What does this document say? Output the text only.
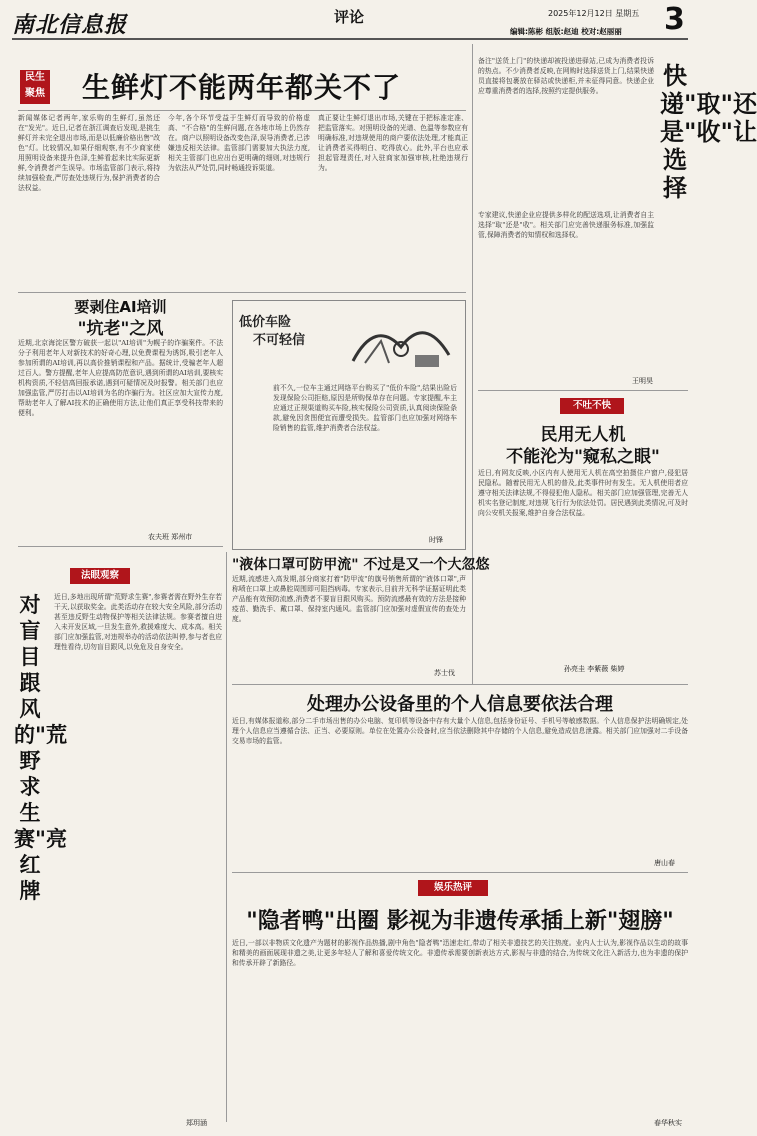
南北信息报	评论	2025年12月12日 星期五
编辑:陈彬 组版:赵迪 校对:赵丽丽 3
民生
聚焦 生鲜灯不能两年都关不了
新闻媒体记者两年,家乐购的生鲜灯,虽然还在"发光"。近日,记者在浙江调查后发现,是挑生鲜灯并未完全退出市场,而是以低廉价格出售"改色"灯。比较情况,如果仔细观察,有不少商家使用照明设备来提升色泽,生鲜看起来比实际更新鲜,令消费者产生误导。市场监管部门表示,将持续加强检查,严厉查处违规行为,保护消费者的合法权益。
今年,各个环节受益于生鲜灯而导致的价格虚高、"不合格"的生鲜问题,在各地市场上仍然存在。商户以照明设备改变色泽,误导消费者,已涉嫌违反相关法律。监管部门需要加大执法力度,相关主管部门也应出台更明确的细则,对违规行为依法从严处罚,同时畅通投诉渠道。
真正要让生鲜灯退出市场,关键在于把标准定准、把监管落实。对照明设备的光谱、色温等参数应有明确标准,对违规使用的商户要依法处理,才能真正让消费者买得明白、吃得放心。此外,平台也应承担起管理责任,对入驻商家加强审核,杜绝违规行为。
快递"取"还是"收"让选择
备注"送货上门"的快递却被投递进驿站,已成为消费者投诉的热点。不少消费者反映,在网购时选择送货上门,结果快递员直接将包裹放在驿站或快递柜,并未征得同意。快递企业应尊重消费者的选择,按照约定提供服务。
专家建议,快递企业应提供多样化的配送选项,让消费者自主选择"取"还是"收"。相关部门应完善快递服务标准,加强监管,保障消费者的知情权和选择权。
王明昊
不吐不快
民用无人机
不能沦为"窥私之眼"
近日,有网友反映,小区内有人使用无人机在高空拍摄住户窗户,侵犯居民隐私。随着民用无人机的普及,此类事件时有发生。无人机使用者应遵守相关法律法规,不得侵犯他人隐私。相关部门应加强管理,完善无人机实名登记制度,对违规飞行行为依法处罚。居民遇到此类情况,可及时向公安机关报案,维护自身合法权益。
孙亮圭 李紫薇 柴婷
要剥住AI培训
"坑老"之风
近期,北京海淀区警方破获一起以"AI培训"为幌子的诈骗案件。不法分子利用老年人对新技术的好奇心理,以免费课程为诱饵,吸引老年人参加所谓的AI培训,再以高价推销课程和产品。据统计,受骗老年人超过百人。警方提醒,老年人应提高防范意识,遇到所谓的AI培训,要核实机构资质,不轻信高回报承诺,遇到可疑情况及时报警。相关部门也应加强监管,严厉打击以AI培训为名的诈骗行为。社区应加大宣传力度,帮助老年人了解AI技术的正确使用方法,让他们真正享受科技带来的便利。
农夫班 郑州市
低价车险
不可轻信
前不久,一位车主通过网络平台购买了"低价车险",结果出险后发现保险公司拒赔,原因是所购保单存在问题。专家提醒,车主应通过正规渠道购买车险,核实保险公司资质,认真阅读保险条款,避免因贪图便宜而遭受损失。监管部门也应加强对网络车险销售的监管,维护消费者合法权益。
时锋
"液体口罩可防甲流" 不过是又一个大忽悠
近期,流感进入高发期,部分商家打着"防甲流"的旗号销售所谓的"液体口罩",声称喷在口罩上或鼻腔周围即可阻挡病毒。专家表示,目前并无科学证据证明此类产品能有效预防流感,消费者不要盲目跟风购买。预防流感最有效的方法是接种疫苗、勤洗手、戴口罩、保持室内通风。监管部门应加强对虚假宣传的查处力度。
苏士伐
法眼观察
对盲目跟风的"荒野求生赛"亮红牌
近日,多地出现所谓"荒野求生赛",参赛者需在野外生存若干天,以获取奖金。此类活动存在较大安全风险,部分活动甚至违反野生动物保护等相关法律法规。参赛者擅自进入未开发区域,一旦发生意外,救援难度大、成本高。相关部门应加强监管,对违规举办的活动依法叫停,参与者也应理性看待,切勿盲目跟风,以免危及自身安全。
郑玥涵
处理办公设备里的个人信息要依法合理
近日,有媒体报道称,部分二手市场出售的办公电脑、复印机等设备中存有大量个人信息,包括身份证号、手机号等敏感数据。个人信息保护法明确规定,处理个人信息应当遵循合法、正当、必要原则。单位在处置办公设备时,应当依法删除其中存储的个人信息,避免造成信息泄露。相关部门应加强对二手设备交易市场的监管。
唐山春
娱乐热评
"隐者鸭"出圈 影视为非遗传承插上新"翅膀"
近日,一部以非物质文化遗产为题材的影视作品热播,剧中角色"隐者鸭"迅速走红,带动了相关非遗技艺的关注热度。业内人士认为,影视作品以生动的故事和精美的画面展现非遗之美,让更多年轻人了解和喜爱传统文化。非遗传承需要创新表达方式,影视与非遗的结合,为传统文化注入新活力,也为非遗的保护和传承开辟了新路径。
春华秋实
